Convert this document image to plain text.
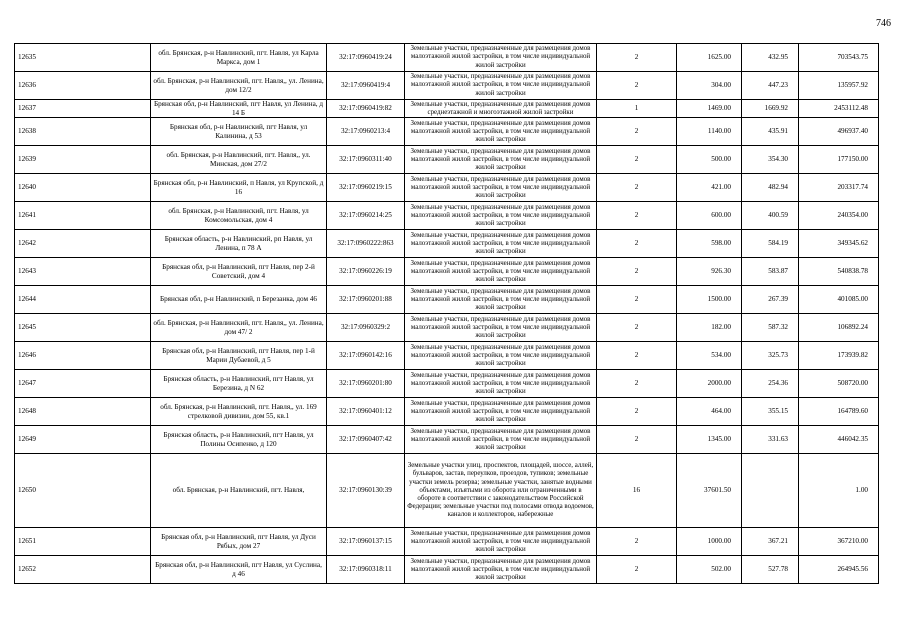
746
12635	обл. Брянская, р-н Навлинский, пгт. Навля, ул Карла Маркса, дом 1	32:17:0960419:24	Земельные участки, предназначенные для размещения домов малоэтажной жилой застройки, в том числе индивидуальной жилой застройки	2	1625.00	432.95	703543.75
12636	обл. Брянская, р-н Навлинский, пгт. Навля,, ул. Ленина, дом 12/2	32:17:0960419:4	Земельные участки, предназначенные для размещения домов малоэтажной жилой застройки, в том числе индивидуальной жилой застройки	2	304.00	447.23	135957.92
12637	Брянская обл, р-н Навлинский, пгт Навля, ул Ленина, д 14 Б	32:17:0960419:82	Земельные участки, предназначенные для размещения домов среднеэтажной и многоэтажной жилой застройки	1	1469.00	1669.92	2453112.48
12638	Брянская обл, р-н Навлинский, пгт Навля, ул Калинина, д 53	32:17:0960213:4	Земельные участки, предназначенные для размещения домов малоэтажной жилой застройки, в том числе индивидуальной жилой застройки	2	1140.00	435.91	496937.40
12639	обл. Брянская, р-н Навлинский, пгт. Навля,, ул. Минская, дом 27/2	32:17:0960311:40	Земельные участки, предназначенные для размещения домов малоэтажной жилой застройки, в том числе индивидуальной жилой застройки	2	500.00	354.30	177150.00
12640	Брянская обл, р-н Навлинский, п Навля, ул Крупской, д 16	32:17:0960219:15	Земельные участки, предназначенные для размещения домов малоэтажной жилой застройки, в том числе индивидуальной жилой застройки	2	421.00	482.94	203317.74
12641	обл. Брянская, р-н Навлинский, пгт. Навля, ул Комсомольская, дом 4	32:17:0960214:25	Земельные участки, предназначенные для размещения домов малоэтажной жилой застройки, в том числе индивидуальной жилой застройки	2	600.00	400.59	240354.00
12642	Брянская область, р-н Навлинский, рп Навля, ул Ленина, п 78 А	32:17:0960222:863	Земельные участки, предназначенные для размещения домов малоэтажной жилой застройки, в том числе индивидуальной жилой застройки	2	598.00	584.19	349345.62
12643	Брянская обл, р-н Навлинский, пгт Навля, пер 2-й Советский, дом 4	32:17:0960226:19	Земельные участки, предназначенные для размещения домов малоэтажной жилой застройки, в том числе индивидуальной жилой застройки	2	926.30	583.87	540838.78
12644	Брянская обл, р-н Навлинский, п Березанка, дом 46	32:17:0960201:88	Земельные участки, предназначенные для размещения домов малоэтажной жилой застройки, в том числе индивидуальной жилой застройки	2	1500.00	267.39	401085.00
12645	обл. Брянская, р-н Навлинский, пгт. Навля,, ул. Ленина, дом 47/ 2	32:17:0960329:2	Земельные участки, предназначенные для размещения домов малоэтажной жилой застройки, в том числе индивидуальной жилой застройки	2	182.00	587.32	106892.24
12646	Брянская обл, р-н Навлинский, пгт Навля, пер 1-й Марии Дубаевой, д 5	32:17:0960142:16	Земельные участки, предназначенные для размещения домов малоэтажной жилой застройки, в том числе индивидуальной жилой застройки	2	534.00	325.73	173939.82
12647	Брянская область, р-н Навлинский, пгт Навля, ул Березина, д N 62	32:17:0960201:80	Земельные участки, предназначенные для размещения домов малоэтажной жилой застройки, в том числе индивидуальной жилой застройки	2	2000.00	254.36	508720.00
12648	обл. Брянская, р-н Навлинский, пгт. Навля,, ул. 169 стрелковой дивизии, дом 55, кв.1	32:17:0960401:12	Земельные участки, предназначенные для размещения домов малоэтажной жилой застройки, в том числе индивидуальной жилой застройки	2	464.00	355.15	164789.60
12649	Брянская область, р-н Навлинский, пгт Навля, ул Полины Осипенко, д 120	32:17:0960407:42	Земельные участки, предназначенные для размещения домов малоэтажной жилой застройки, в том числе индивидуальной жилой застройки	2	1345.00	331.63	446042.35
12650	обл. Брянская, р-н Навлинский, пгт. Навля,	32:17:0960130:39	Земельные участки улиц, проспектов, площадей, шоссе, аллей, бульваров, застав, переулков, проездов, тупиков; земельные участки земель резерва; земельные участки, занятые водными объектами, изъятыми из оборота или ограниченными в обороте в соответствии с законодательством Российской Федерации; земельные участки под полосами отвода водоемов, каналов и коллекторов, набережные	16	37601.50		1.00
12651	Брянская обл, р-н Навлинский, пгт Навля, ул Дуси Рябых, дом 27	32:17:0960137:15	Земельные участки, предназначенные для размещения домов малоэтажной жилой застройки, в том числе индивидуальной жилой застройки	2	1000.00	367.21	367210.00
12652	Брянская обл, р-н Навлинский, пгт Навля, ул Суслина, д 46	32:17:0960318:11	Земельные участки, предназначенные для размещения домов малоэтажной жилой застройки, в том числе индивидуальной жилой застройки	2	502.00	527.78	264945.56
